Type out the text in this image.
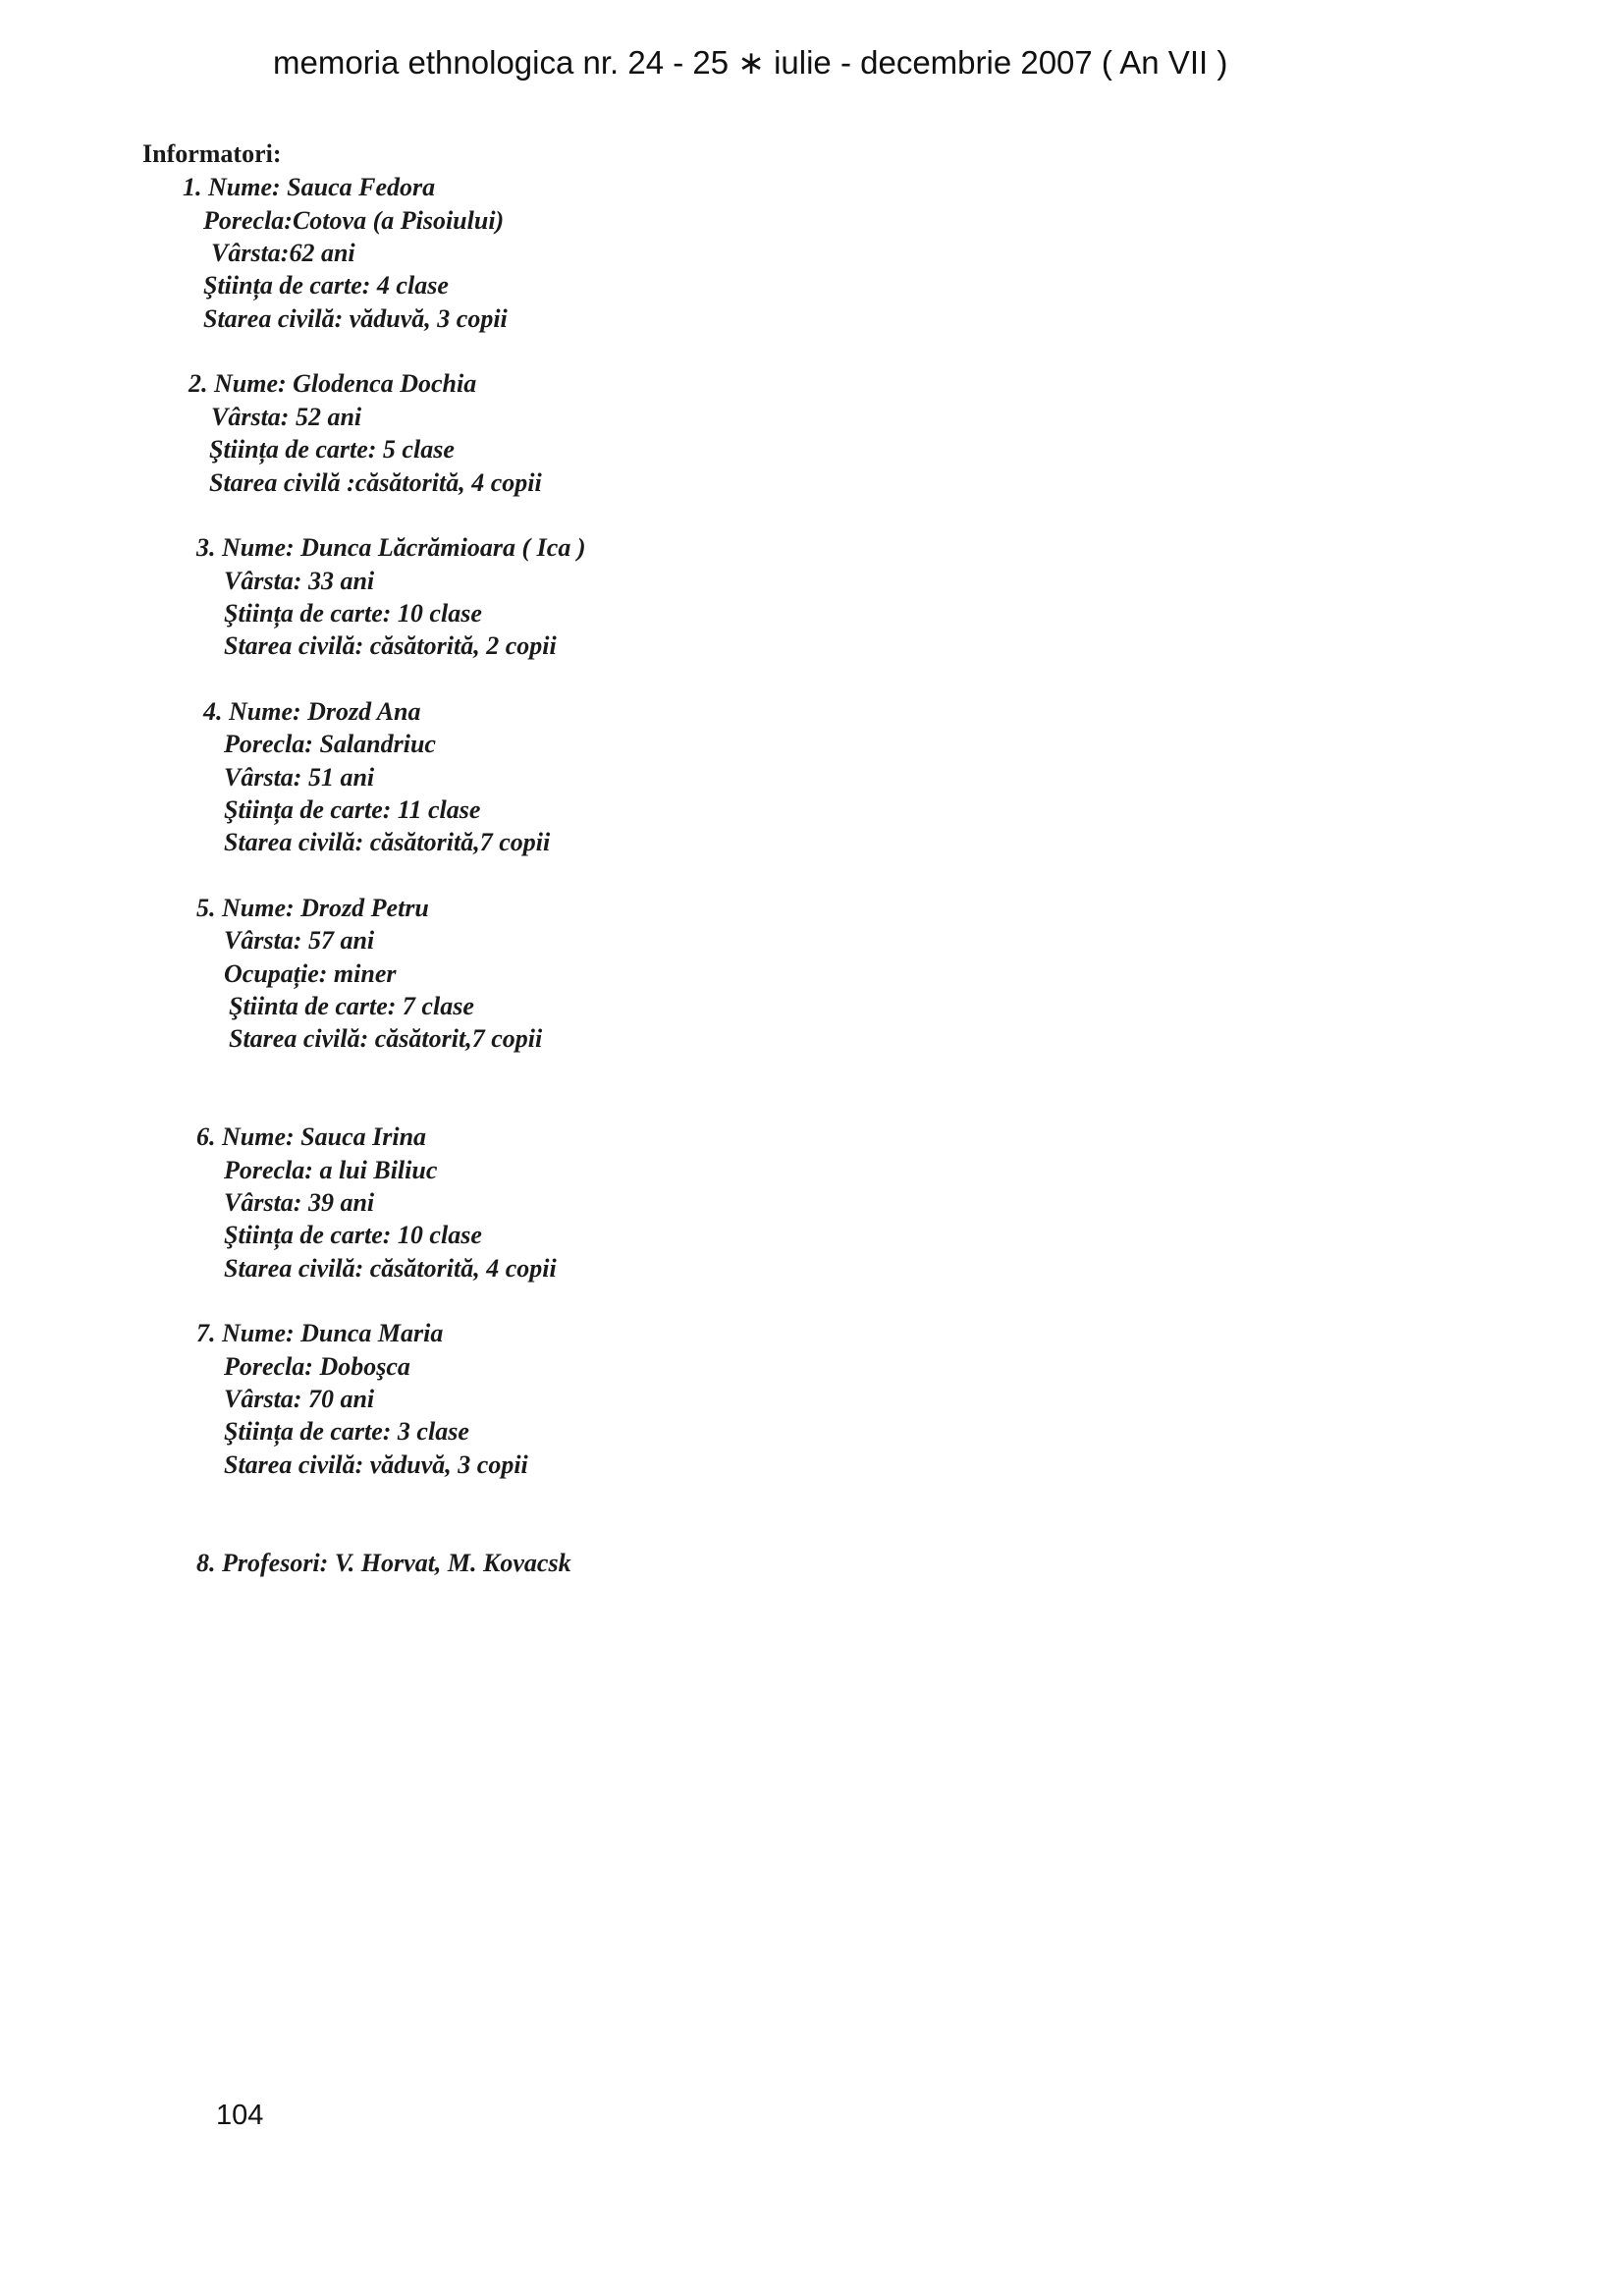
memoria ethnologica nr. 24 - 25 ∗ iulie - decembrie 2007 ( An VII )
Informatori:
1. Nume: Sauca Fedora
Porecla:Cotova (a Pisoiului)
Vârsta:62 ani
Ştiința de carte: 4 clase
Starea civilă: văduvă, 3 copii
2. Nume: Glodenca Dochia
Vârsta: 52 ani
Ştiința de carte: 5 clase
Starea civilă :căsătorită, 4 copii
3. Nume: Dunca Lăcrămioara ( Ica )
Vârsta: 33 ani
Ştiința de carte: 10 clase
Starea civilă: căsătorită, 2 copii
4. Nume: Drozd Ana
Porecla: Salandriuc
Vârsta: 51 ani
Ştiința de carte: 11 clase
Starea civilă: căsătorită,7 copii
5. Nume: Drozd Petru
Vârsta: 57 ani
Ocupație: miner
Ştiinta de carte: 7 clase
Starea civilă: căsătorit,7 copii
6. Nume: Sauca Irina
Porecla: a lui Biliuc
Vârsta: 39 ani
Ştiința de carte: 10 clase
Starea civilă: căsătorită, 4 copii
7. Nume: Dunca Maria
Porecla: Doboşca
Vârsta: 70 ani
Ştiința de carte: 3 clase
Starea civilă: văduvă, 3 copii
8. Profesori: V. Horvat, M. Kovacsk
104
